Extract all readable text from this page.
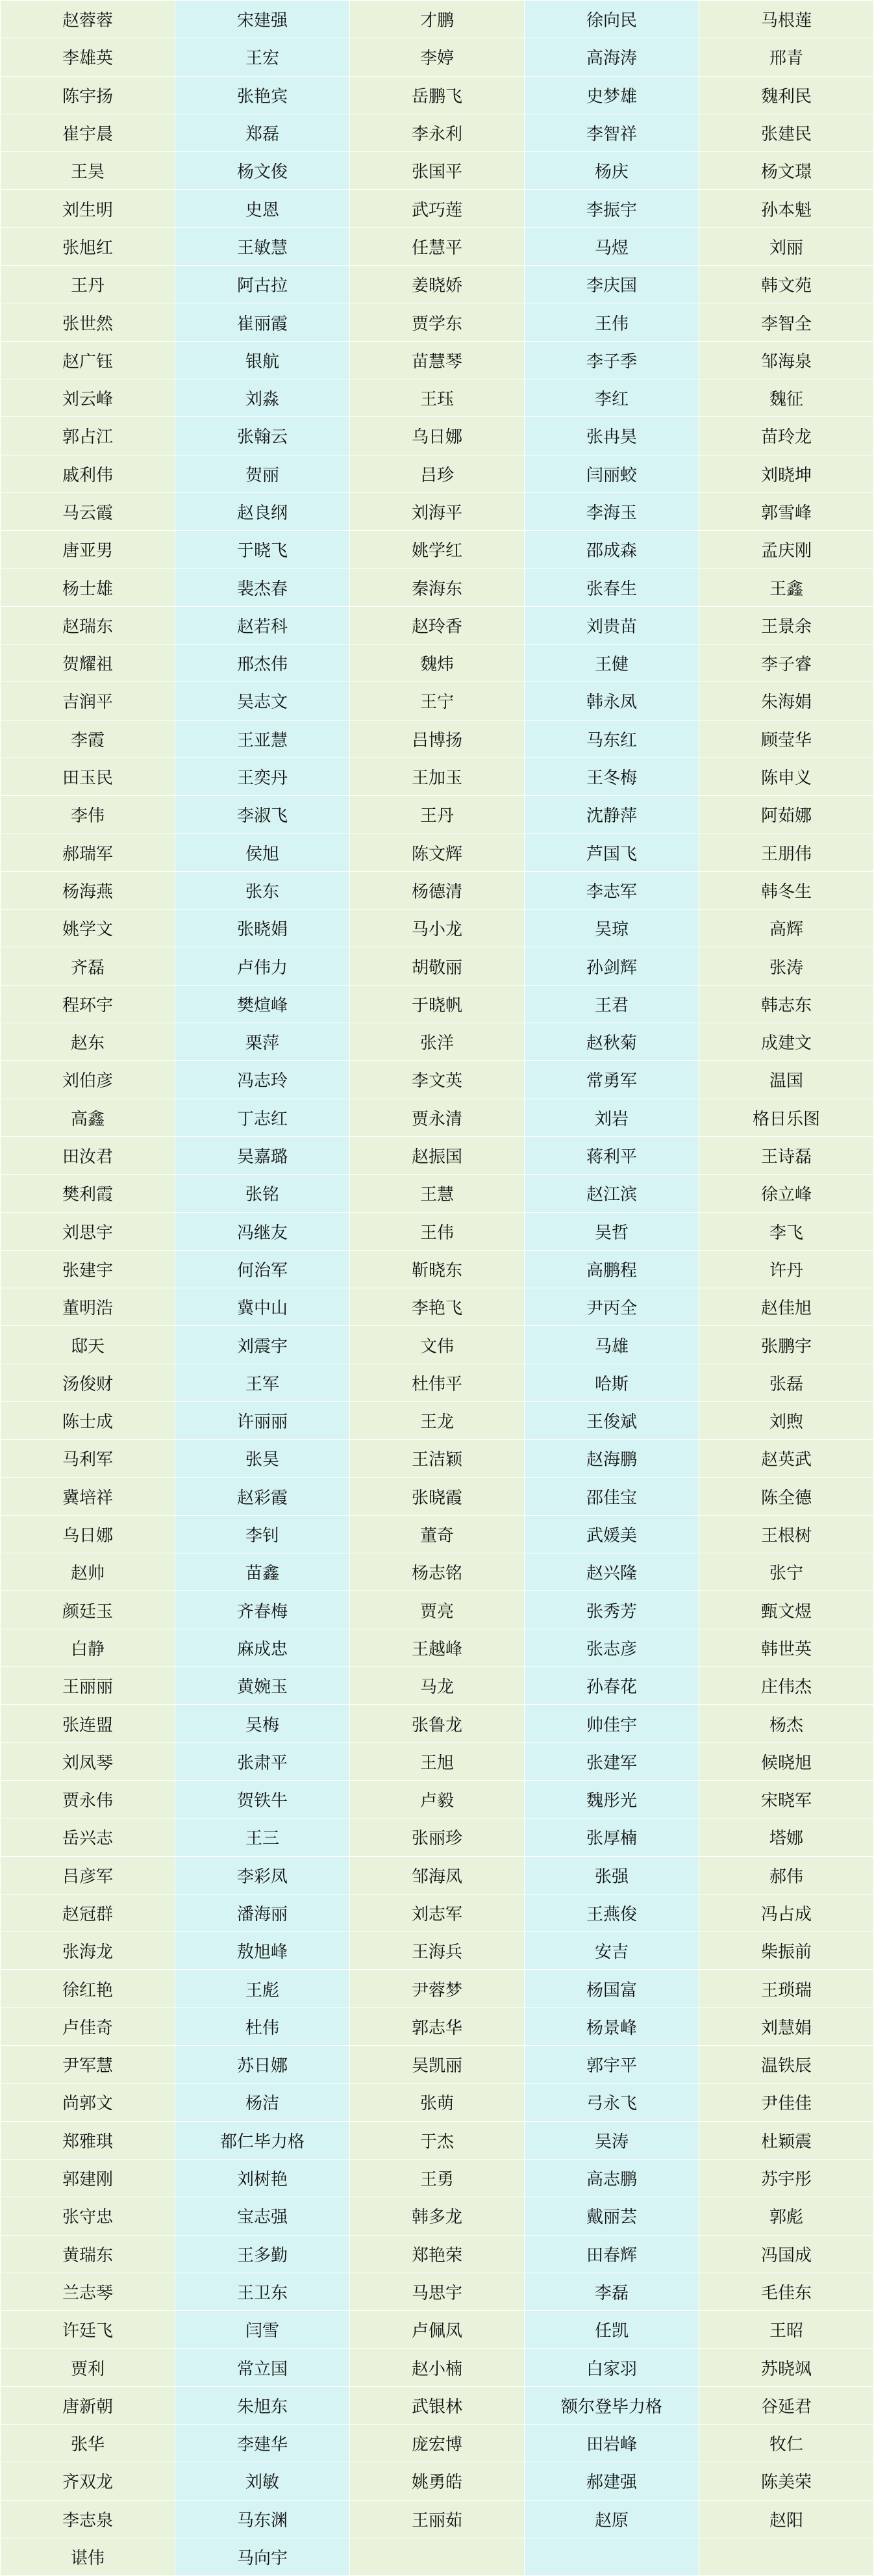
赵蓉蓉	宋建强	才鹏	徐向民	马根莲
李雄英	王宏	李婷	高海涛	邢青
陈宇扬	张艳宾	岳鹏飞	史梦雄	魏利民
崔宇晨	郑磊	李永利	李智祥	张建民
王昊	杨文俊	张国平	杨庆	杨文璟
刘生明	史恩	武巧莲	李振宇	孙本魁
张旭红	王敏慧	任慧平	马煜	刘丽
王丹	阿古拉	姜晓娇	李庆国	韩文苑
张世然	崔丽霞	贾学东	王伟	李智全
赵广钰	银航	苗慧琴	李子季	邹海泉
刘云峰	刘淼	王珏	李红	魏征
郭占江	张翰云	乌日娜	张冉昊	苗玲龙
戚利伟	贺丽	吕珍	闫丽蛟	刘晓坤
马云霞	赵良纲	刘海平	李海玉	郭雪峰
唐亚男	于晓飞	姚学红	邵成森	孟庆刚
杨士雄	裴杰春	秦海东	张春生	王鑫
赵瑞东	赵若科	赵玲香	刘贵苗	王景余
贺耀祖	邢杰伟	魏炜	王健	李子睿
吉润平	吴志文	王宁	韩永凤	朱海娟
李霞	王亚慧	吕博扬	马东红	顾莹华
田玉民	王奕丹	王加玉	王冬梅	陈申义
李伟	李淑飞	王丹	沈静萍	阿茹娜
郝瑞军	侯旭	陈文辉	芦国飞	王朋伟
杨海燕	张东	杨德清	李志军	韩冬生
姚学文	张晓娟	马小龙	吴琼	高辉
齐磊	卢伟力	胡敬丽	孙剑辉	张涛
程环宇	樊煊峰	于晓帆	王君	韩志东
赵东	栗萍	张洋	赵秋菊	成建文
刘伯彦	冯志玲	李文英	常勇军	温国
高鑫	丁志红	贾永清	刘岩	格日乐图
田汝君	吴嘉璐	赵振国	蒋利平	王诗磊
樊利霞	张铭	王慧	赵江滨	徐立峰
刘思宇	冯继友	王伟	吴哲	李飞
张建宇	何治军	靳晓东	高鹏程	许丹
董明浩	冀中山	李艳飞	尹丙全	赵佳旭
邸天	刘震宇	文伟	马雄	张鹏宇
汤俊财	王军	杜伟平	哈斯	张磊
陈士成	许丽丽	王龙	王俊斌	刘煦
马利军	张昊	王洁颖	赵海鹏	赵英武
冀培祥	赵彩霞	张晓霞	邵佳宝	陈全德
乌日娜	李钊	董奇	武媛美	王根树
赵帅	苗鑫	杨志铭	赵兴隆	张宁
颜廷玉	齐春梅	贾亮	张秀芳	甄文煜
白静	麻成忠	王越峰	张志彦	韩世英
王丽丽	黄婉玉	马龙	孙春花	庄伟杰
张连盟	吴梅	张鲁龙	帅佳宇	杨杰
刘凤琴	张肃平	王旭	张建军	候晓旭
贾永伟	贺铁牛	卢毅	魏彤光	宋晓军
岳兴志	王三	张丽珍	张厚楠	塔娜
吕彦军	李彩凤	邹海凤	张强	郝伟
赵冠群	潘海丽	刘志军	王燕俊	冯占成
张海龙	敖旭峰	王海兵	安吉	柴振前
徐红艳	王彪	尹蓉梦	杨国富	王琐瑞
卢佳奇	杜伟	郭志华	杨景峰	刘慧娟
尹军慧	苏日娜	吴凯丽	郭宇平	温铁辰
尚郭文	杨洁	张萌	弓永飞	尹佳佳
郑雅琪	都仁毕力格	于杰	吴涛	杜颖震
郭建刚	刘树艳	王勇	高志鹏	苏宇彤
张守忠	宝志强	韩多龙	戴丽芸	郭彪
黄瑞东	王多勤	郑艳荣	田春辉	冯国成
兰志琴	王卫东	马思宇	李磊	毛佳东
许廷飞	闫雪	卢佩凤	任凯	王昭
贾利	常立国	赵小楠	白家羽	苏晓飒
唐新朝	朱旭东	武银林	额尔登毕力格	谷延君
张华	李建华	庞宏博	田岩峰	牧仁
齐双龙	刘敏	姚勇皓	郝建强	陈美荣
李志泉	马东渊	王丽茹	赵原	赵阳
谌伟	马向宇			
